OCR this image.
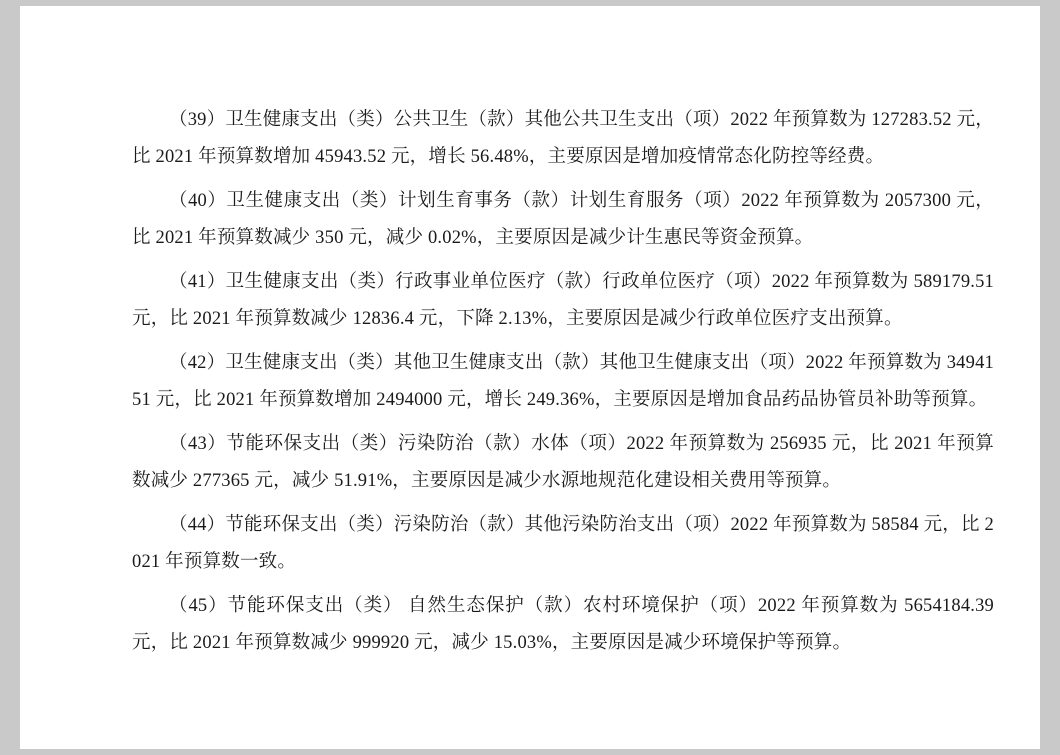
（39）卫生健康支出（类）公共卫生（款）其他公共卫生支出（项）2022 年预算数为 127283.52 元，比 2021 年预算数增加 45943.52 元，增长 56.48%，主要原因是增加疫情常态化防控等经费。

（40）卫生健康支出（类）计划生育事务（款）计划生育服务（项）2022 年预算数为 2057300 元，比 2021 年预算数减少 350 元，减少 0.02%，主要原因是减少计生惠民等资金预算。

（41）卫生健康支出（类）行政事业单位医疗（款）行政单位医疗（项）2022 年预算数为 589179.51 元，比 2021 年预算数减少 12836.4 元，下降 2.13%，主要原因是减少行政单位医疗支出预算。

（42）卫生健康支出（类）其他卫生健康支出（款）其他卫生健康支出（项）2022 年预算数为 3494151 元，比 2021 年预算数增加 2494000 元，增长 249.36%，主要原因是增加食品药品协管员补助等预算。

（43）节能环保支出（类）污染防治（款）水体（项）2022 年预算数为 256935 元，比 2021 年预算数减少 277365 元，减少 51.91%，主要原因是减少水源地规范化建设相关费用等预算。

（44）节能环保支出（类）污染防治（款）其他污染防治支出（项）2022 年预算数为 58584 元，比 2021 年预算数一致。

（45）节能环保支出（类） 自然生态保护（款）农村环境保护（项）2022 年预算数为 5654184.39 元，比 2021 年预算数减少 999920 元，减少 15.03%，主要原因是减少环境保护等预算。
